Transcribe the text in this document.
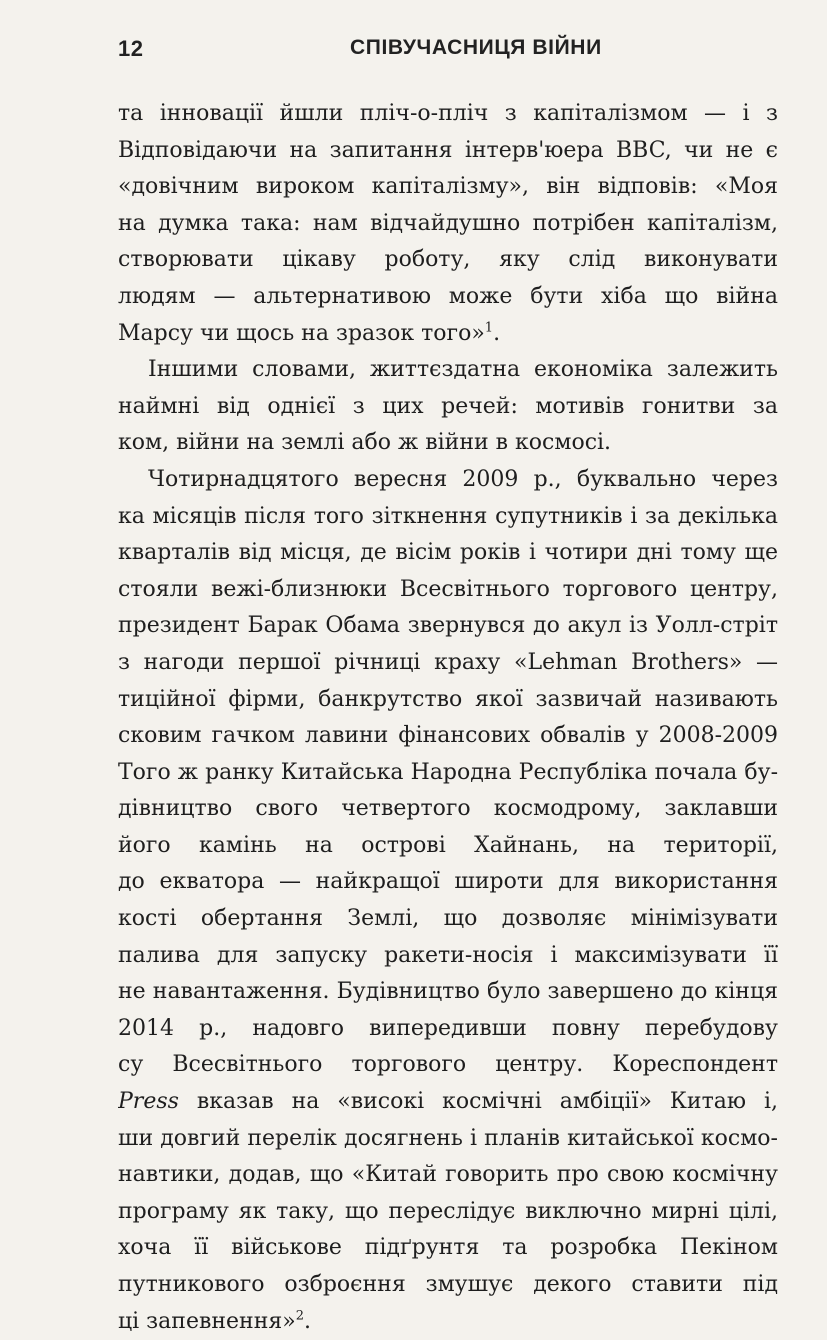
12	СПІВУЧАСНИЦЯ ВІЙНИ
та інновації йшли пліч-о-пліч з капіталізмом — і з
Відповідаючи на запитання інтерв'юера BBC, чи не є
«довічним вироком капіталізму», він відповів: «Моя
на думка така: нам відчайдушно потрібен капіталізм,
створювати цікаву роботу, яку слід виконувати
людям — альтернативою може бути хіба що війна
Марсу чи щось на зразок того»$^1$.
Іншими словами, життєздатна економіка залежить
наймні від однієї з цих речей: мотивів гонитви за
ком, війни на землі або ж війни в космосі.
Чотирнадцятого вересня 2009 р., буквально через
ка місяців після того зіткнення супутників і за декілька
кварталів від місця, де вісім років і чотири дні тому ще
стояли вежі-близнюки Всесвітнього торгового центру,
президент Барак Обама звернувся до акул із Уолл-стріт
з нагоди першої річниці краху «Lehman Brothers» —
тиційної фірми, банкрутство якої зазвичай називають
сковим гачком лавини фінансових обвалів у 2008-2009
Того ж ранку Китайська Народна Республіка почала бу-
дівництво свого четвертого космодрому, заклавши
його камінь на острові Хайнань, на території,
до екватора — найкращої широти для використання
кості обертання Землі, що дозволяє мінімізувати
палива для запуску ракети-носія і максимізувати її
не навантаження. Будівництво було завершено до кінця
2014 р., надовго випередивши повну перебудову
су Всесвітнього торгового центру. Кореспондент
Press вказав на «високі космічні амбіції» Китаю і,
ши довгий перелік досягнень і планів китайської космо-
навтики, додав, що «Китай говорить про свою космічну
програму як таку, що переслідує виключно мирні цілі,
хоча її військове підґрунтя та розробка Пекіном
путникового озброєння змушує декого ставити під
ці запевнення»$^2$.
